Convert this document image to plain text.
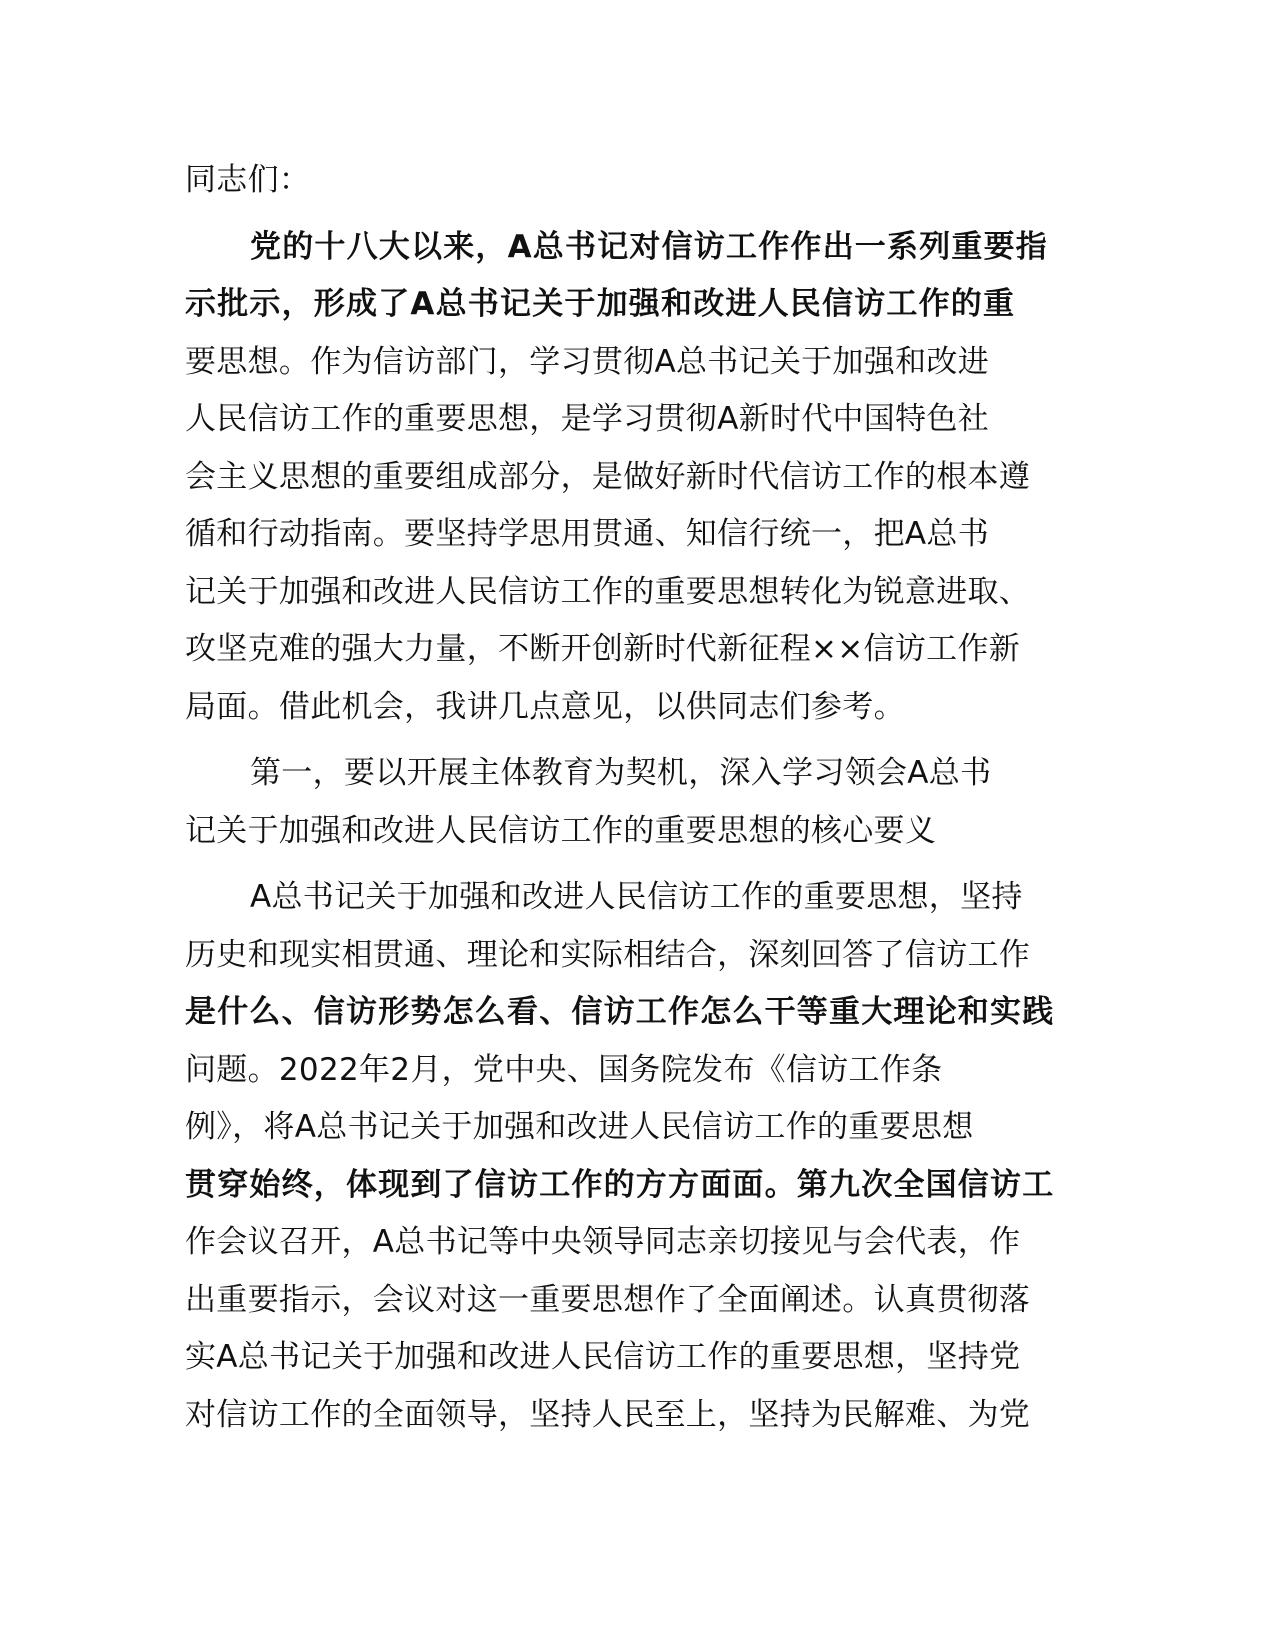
同志们：
党的十八大以来，A总书记对信访工作作出一系列重要指
示批示，形成了A总书记关于加强和改进人民信访工作的重
要思想。作为信访部门，学习贯彻A总书记关于加强和改进
人民信访工作的重要思想，是学习贯彻A新时代中国特色社
会主义思想的重要组成部分，是做好新时代信访工作的根本遵
循和行动指南。要坚持学思用贯通、知信行统一，把A总书
记关于加强和改进人民信访工作的重要思想转化为锐意进取、
攻坚克难的强大力量，不断开创新时代新征程××信访工作新
局面。借此机会，我讲几点意见，以供同志们参考。
第一，要以开展主体教育为契机，深入学习领会A总书
记关于加强和改进人民信访工作的重要思想的核心要义
A总书记关于加强和改进人民信访工作的重要思想，坚持
历史和现实相贯通、理论和实际相结合，深刻回答了信访工作
是什么、信访形势怎么看、信访工作怎么干等重大理论和实践
问题。2022年2月，党中央、国务院发布《信访工作条
例》，将A总书记关于加强和改进人民信访工作的重要思想
贯穿始终，体现到了信访工作的方方面面。第九次全国信访工
作会议召开，A总书记等中央领导同志亲切接见与会代表，作
出重要指示，会议对这一重要思想作了全面阐述。认真贯彻落
实A总书记关于加强和改进人民信访工作的重要思想，坚持党
对信访工作的全面领导，坚持人民至上，坚持为民解难、为党
